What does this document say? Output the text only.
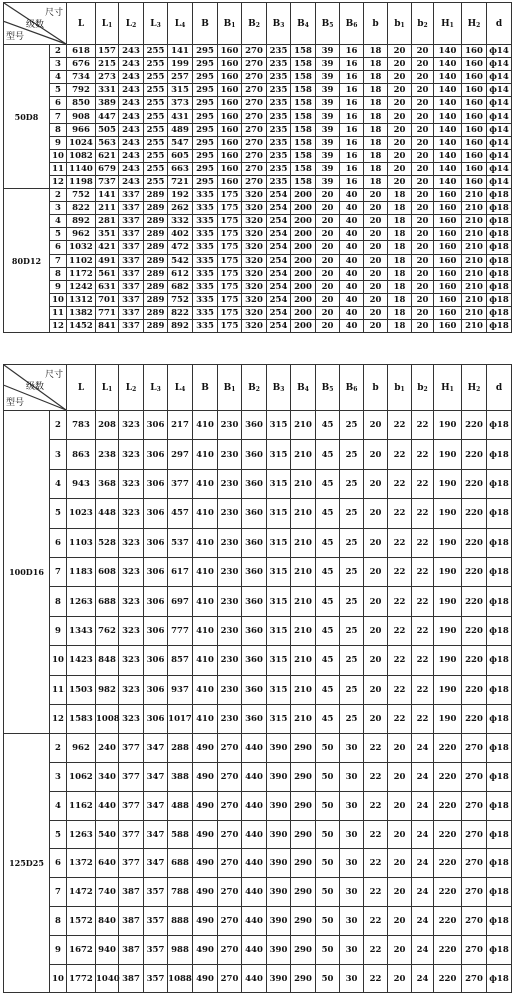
尺寸
级数
型号		L	$L_1$	$L_2$	$L_3$	$L_4$	B	$B_1$	$B_2$	$B_3$	$B_4$	$B_5$	$B_6$	b	$b_1$	$b_2$	$H_1$	$H_2$	d
50D8	2	618	157	243	255	141	295	160	270	235	158	39	16	18	20	20	140	160	ф14
	3	676	215	243	255	199	295	160	270	235	158	39	16	18	20	20	140	160	ф14
	4	734	273	243	255	257	295	160	270	235	158	39	16	18	20	20	140	160	ф14
	5	792	331	243	255	315	295	160	270	235	158	39	16	18	20	20	140	160	ф14
	6	850	389	243	255	373	295	160	270	235	158	39	16	18	20	20	140	160	ф14
	7	908	447	243	255	431	295	160	270	235	158	39	16	18	20	20	140	160	ф14
	8	966	505	243	255	489	295	160	270	235	158	39	16	18	20	20	140	160	ф14
	9	1024	563	243	255	547	295	160	270	235	158	39	16	18	20	20	140	160	ф14
	10	1082	621	243	255	605	295	160	270	235	158	39	16	18	20	20	140	160	ф14
	11	1140	679	243	255	663	295	160	270	235	158	39	16	18	20	20	140	160	ф14
	12	1198	737	243	255	721	295	160	270	235	158	39	16	18	20	20	140	160	ф14
80D12	2	752	141	337	289	192	335	175	320	254	200	20	40	20	18	20	160	210	ф18
	3	822	211	337	289	262	335	175	320	254	200	20	40	20	18	20	160	210	ф18
	4	892	281	337	289	332	335	175	320	254	200	20	40	20	18	20	160	210	ф18
	5	962	351	337	289	402	335	175	320	254	200	20	40	20	18	20	160	210	ф18
	6	1032	421	337	289	472	335	175	320	254	200	20	40	20	18	20	160	210	ф18
	7	1102	491	337	289	542	335	175	320	254	200	20	40	20	18	20	160	210	ф18
	8	1172	561	337	289	612	335	175	320	254	200	20	40	20	18	20	160	210	ф18
	9	1242	631	337	289	682	335	175	320	254	200	20	40	20	18	20	160	210	ф18
	10	1312	701	337	289	752	335	175	320	254	200	20	40	20	18	20	160	210	ф18
	11	1382	771	337	289	822	335	175	320	254	200	20	40	20	18	20	160	210	ф18
	12	1452	841	337	289	892	335	175	320	254	200	20	40	20	18	20	160	210	ф18
尺寸
级数
型号		L	$L_1$	$L_2$	$L_3$	$L_4$	B	$B_1$	$B_2$	$B_3$	$B_4$	$B_5$	$B_6$	b	$b_1$	$b_2$	$H_1$	$H_2$	d
100D16	2	783	208	323	306	217	410	230	360	315	210	45	25	20	22	22	190	220	ф18
	3	863	238	323	306	297	410	230	360	315	210	45	25	20	22	22	190	220	ф18
	4	943	368	323	306	377	410	230	360	315	210	45	25	20	22	22	190	220	ф18
	5	1023	448	323	306	457	410	230	360	315	210	45	25	20	22	22	190	220	ф18
	6	1103	528	323	306	537	410	230	360	315	210	45	25	20	22	22	190	220	ф18
	7	1183	608	323	306	617	410	230	360	315	210	45	25	20	22	22	190	220	ф18
	8	1263	688	323	306	697	410	230	360	315	210	45	25	20	22	22	190	220	ф18
	9	1343	762	323	306	777	410	230	360	315	210	45	25	20	22	22	190	220	ф18
	10	1423	848	323	306	857	410	230	360	315	210	45	25	20	22	22	190	220	ф18
	11	1503	982	323	306	937	410	230	360	315	210	45	25	20	22	22	190	220	ф18
	12	1583	1008	323	306	1017	410	230	360	315	210	45	25	20	22	22	190	220	ф18
125D25	2	962	240	377	347	288	490	270	440	390	290	50	30	22	20	24	220	270	ф18
	3	1062	340	377	347	388	490	270	440	390	290	50	30	22	20	24	220	270	ф18
	4	1162	440	377	347	488	490	270	440	390	290	50	30	22	20	24	220	270	ф18
	5	1263	540	377	347	588	490	270	440	390	290	50	30	22	20	24	220	270	ф18
	6	1372	640	377	347	688	490	270	440	390	290	50	30	22	20	24	220	270	ф18
	7	1472	740	387	357	788	490	270	440	390	290	50	30	22	20	24	220	270	ф18
	8	1572	840	387	357	888	490	270	440	390	290	50	30	22	20	24	220	270	ф18
	9	1672	940	387	357	988	490	270	440	390	290	50	30	22	20	24	220	270	ф18
	10	1772	1040	387	357	1088	490	270	440	390	290	50	30	22	20	24	220	270	ф18
